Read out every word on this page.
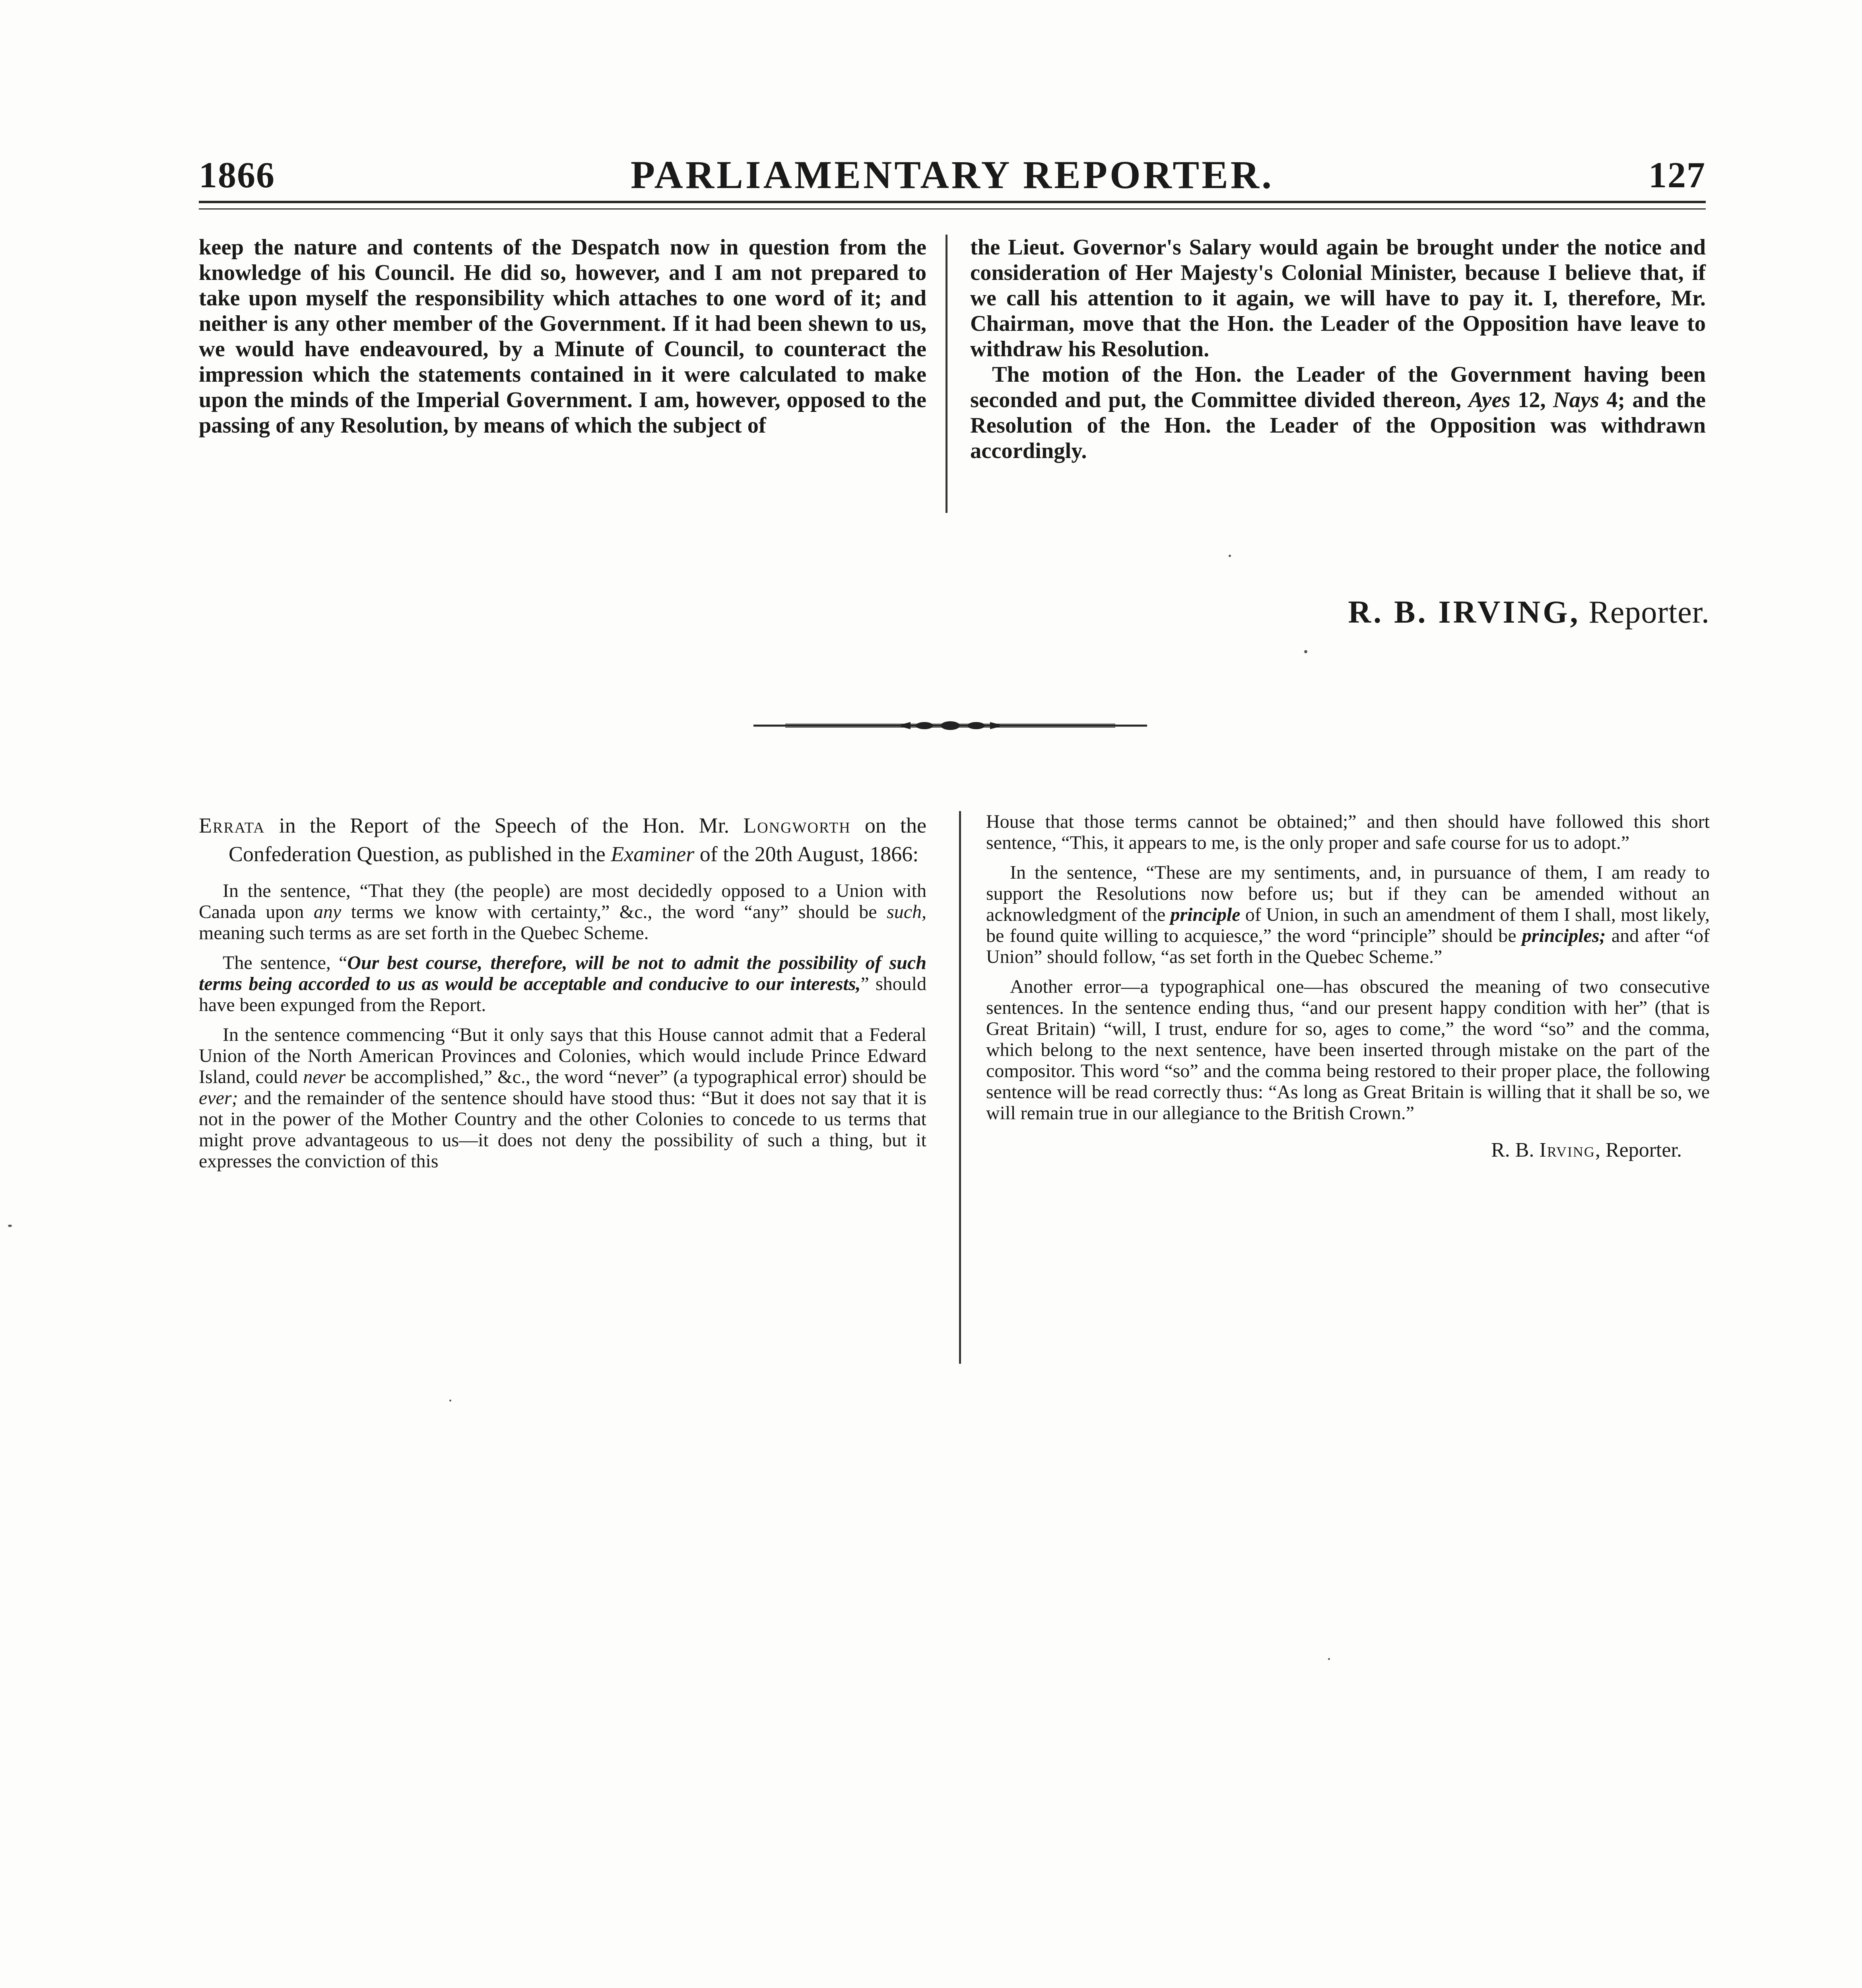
1866	PARLIAMENTARY REPORTER.	127

keep the nature and contents of the Despatch now in question from the knowledge of his Council. He did so, however, and I am not prepared to take upon myself the responsibility which attaches to one word of it; and neither is any other member of the Government. If it had been shewn to us, we would have endeavoured, by a Minute of Council, to counteract the impression which the statements contained in it were calculated to make upon the minds of the Imperial Government. I am, however, opposed to the passing of any Resolution, by means of which the subject of

the Lieut. Governor's Salary would again be brought under the notice and consideration of Her Majesty's Colonial Minister, because I believe that, if we call his attention to it again, we will have to pay it. I, therefore, Mr. Chairman, move that the Hon. the Leader of the Opposition have leave to withdraw his Resolution.

The motion of the Hon. the Leader of the Government having been seconded and put, the Committee divided thereon, Ayes 12, Nays 4; and the Resolution of the Hon. the Leader of the Opposition was withdrawn accordingly.

R. B. IRVING, Reporter.

Errata in the Report of the Speech of the Hon. Mr. Longworth on the Confederation Question, as published in the Examiner of the 20th August, 1866:

In the sentence, “That they (the people) are most decidedly opposed to a Union with Canada upon any terms we know with certainty,” &c., the word “any” should be such, meaning such terms as are set forth in the Quebec Scheme.

The sentence, “Our best course, therefore, will be not to admit the possibility of such terms being accorded to us as would be acceptable and conducive to our interests,” should have been expunged from the Report.

In the sentence commencing “But it only says that this House cannot admit that a Federal Union of the North American Provinces and Colonies, which would include Prince Edward Island, could never be accomplished,” &c., the word “never” (a typographical error) should be ever; and the remainder of the sentence should have stood thus: “But it does not say that it is not in the power of the Mother Country and the other Colonies to concede to us terms that might prove advantageous to us—it does not deny the possibility of such a thing, but it expresses the conviction of this

House that those terms cannot be obtained;” and then should have followed this short sentence, “This, it appears to me, is the only proper and safe course for us to adopt.”

In the sentence, “These are my sentiments, and, in pursuance of them, I am ready to support the Resolutions now before us; but if they can be amended without an acknowledgment of the principle of Union, in such an amendment of them I shall, most likely, be found quite willing to acquiesce,” the word “principle” should be principles; and after “of Union” should follow, “as set forth in the Quebec Scheme.”

Another error—a typographical one—has obscured the meaning of two consecutive sentences. In the sentence ending thus, “and our present happy condition with her” (that is Great Britain) “will, I trust, endure for so, ages to come,” the word “so” and the comma, which belong to the next sentence, have been inserted through mistake on the part of the compositor. This word “so” and the comma being restored to their proper place, the following sentence will be read correctly thus: “As long as Great Britain is willing that it shall be so, we will remain true in our allegiance to the British Crown.”

R. B. Irving, Reporter.
